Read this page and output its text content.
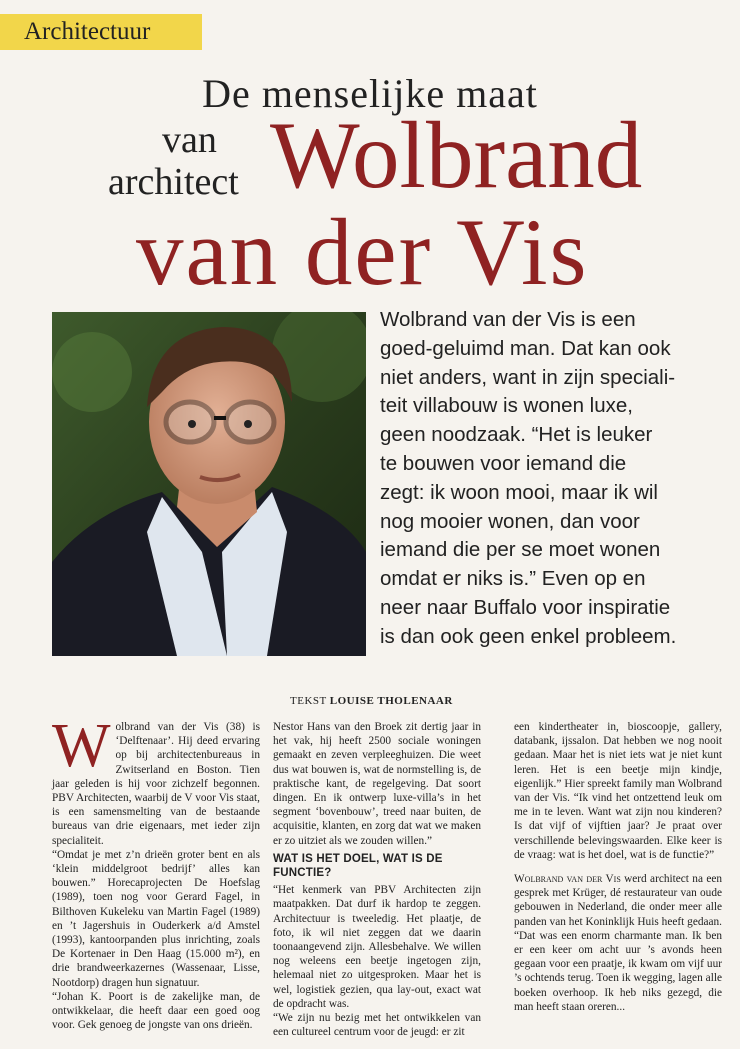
Architectuur
De menselijke maat
van
architect Wolbrand
van der Vis
Wolbrand van der Vis is een
goed-geluimd man. Dat kan ook
niet anders, want in zijn speciali-
teit villabouw is wonen luxe,
geen noodzaak. “Het is leuker
te bouwen voor iemand die
zegt: ik woon mooi, maar ik wil
nog mooier wonen, dan voor
iemand die per se moet wonen
omdat er niks is.” Even op en
neer naar Buffalo voor inspiratie
is dan ook geen enkel probleem.
TEKST LOUISE THOLENAAR

Wolbrand van der Vis (38) is ‘Delftenaar’. Hij deed ervaring op bij architectenbureaus in Zwitserland en Boston. Tien jaar geleden is hij voor zichzelf begonnen. PBV Architecten, waarbij de V voor Vis staat, is een samensmelting van de bestaande bureaus van drie eigenaars, met ieder zijn specialiteit.

“Omdat je met z’n drieën groter bent en als ‘klein middelgroot bedrijf’ alles kan bouwen.” Horecaprojecten De Hoefslag (1989), toen nog voor Gerard Fagel, in Bilthoven Kukeleku van Martin Fagel (1989) en ’t Jagershuis in Ouderkerk a/d Amstel (1993), kantoorpanden plus inrichting, zoals De Kortenaer in Den Haag (15.000 m²), en drie brandweerkazernes (Wassenaar, Lisse, Nootdorp) dragen hun signatuur.

“Johan K. Poort is de zakelijke man, de ontwikkelaar, die heeft daar een goed oog voor. Gek genoeg de jongste van ons drieën.

Nestor Hans van den Broek zit dertig jaar in het vak, hij heeft 2500 sociale woningen gemaakt en zeven verpleeghuizen. Die weet dus wat bouwen is, wat de normstelling is, de praktische kant, de regelgeving. Dat soort dingen. En ik ontwerp luxe-villa’s in het segment ‘bovenbouw’, treed naar buiten, de acquisitie, klanten, en zorg dat wat we maken er zo uitziet als we zouden willen.”

WAT IS HET DOEL, WAT IS DE FUNCTIE?

“Het kenmerk van PBV Architecten zijn maatpakken. Dat durf ik hardop te zeggen. Architectuur is tweeledig. Het plaatje, de foto, ik wil niet zeggen dat we daarin toonaangevend zijn. Allesbehalve. We willen nog weleens een beetje ingetogen zijn, helemaal niet zo uitgesproken. Maar het is wel, logistiek gezien, qua lay-out, exact wat de opdracht was.

“We zijn nu bezig met het ontwikkelen van een cultureel centrum voor de jeugd: er zit

een kindertheater in, bioscoopje, gallery, databank, ijssalon. Dat hebben we nog nooit gedaan. Maar het is niet iets wat je niet kunt leren. Het is een beetje mijn kindje, eigenlijk.” Hier spreekt family man Wolbrand van der Vis. “Ik vind het ontzettend leuk om me in te leven. Want wat zijn nou kinderen? Is dat vijf of vijftien jaar? Je praat over verschillende belevingswaarden. Elke keer is de vraag: wat is het doel, wat is de functie?”

Wolbrand van der Vis werd architect na een gesprek met Krüger, dé restaurateur van oude gebouwen in Nederland, die onder meer alle panden van het Koninklijk Huis heeft gedaan. “Dat was een enorm charmante man. Ik ben er een keer om acht uur ’s avonds heen gegaan voor een praatje, ik kwam om vijf uur ’s ochtends terug. Toen ik wegging, lagen alle boeken overhoop. Ik heb niks gezegd, die man heeft staan oreren...
